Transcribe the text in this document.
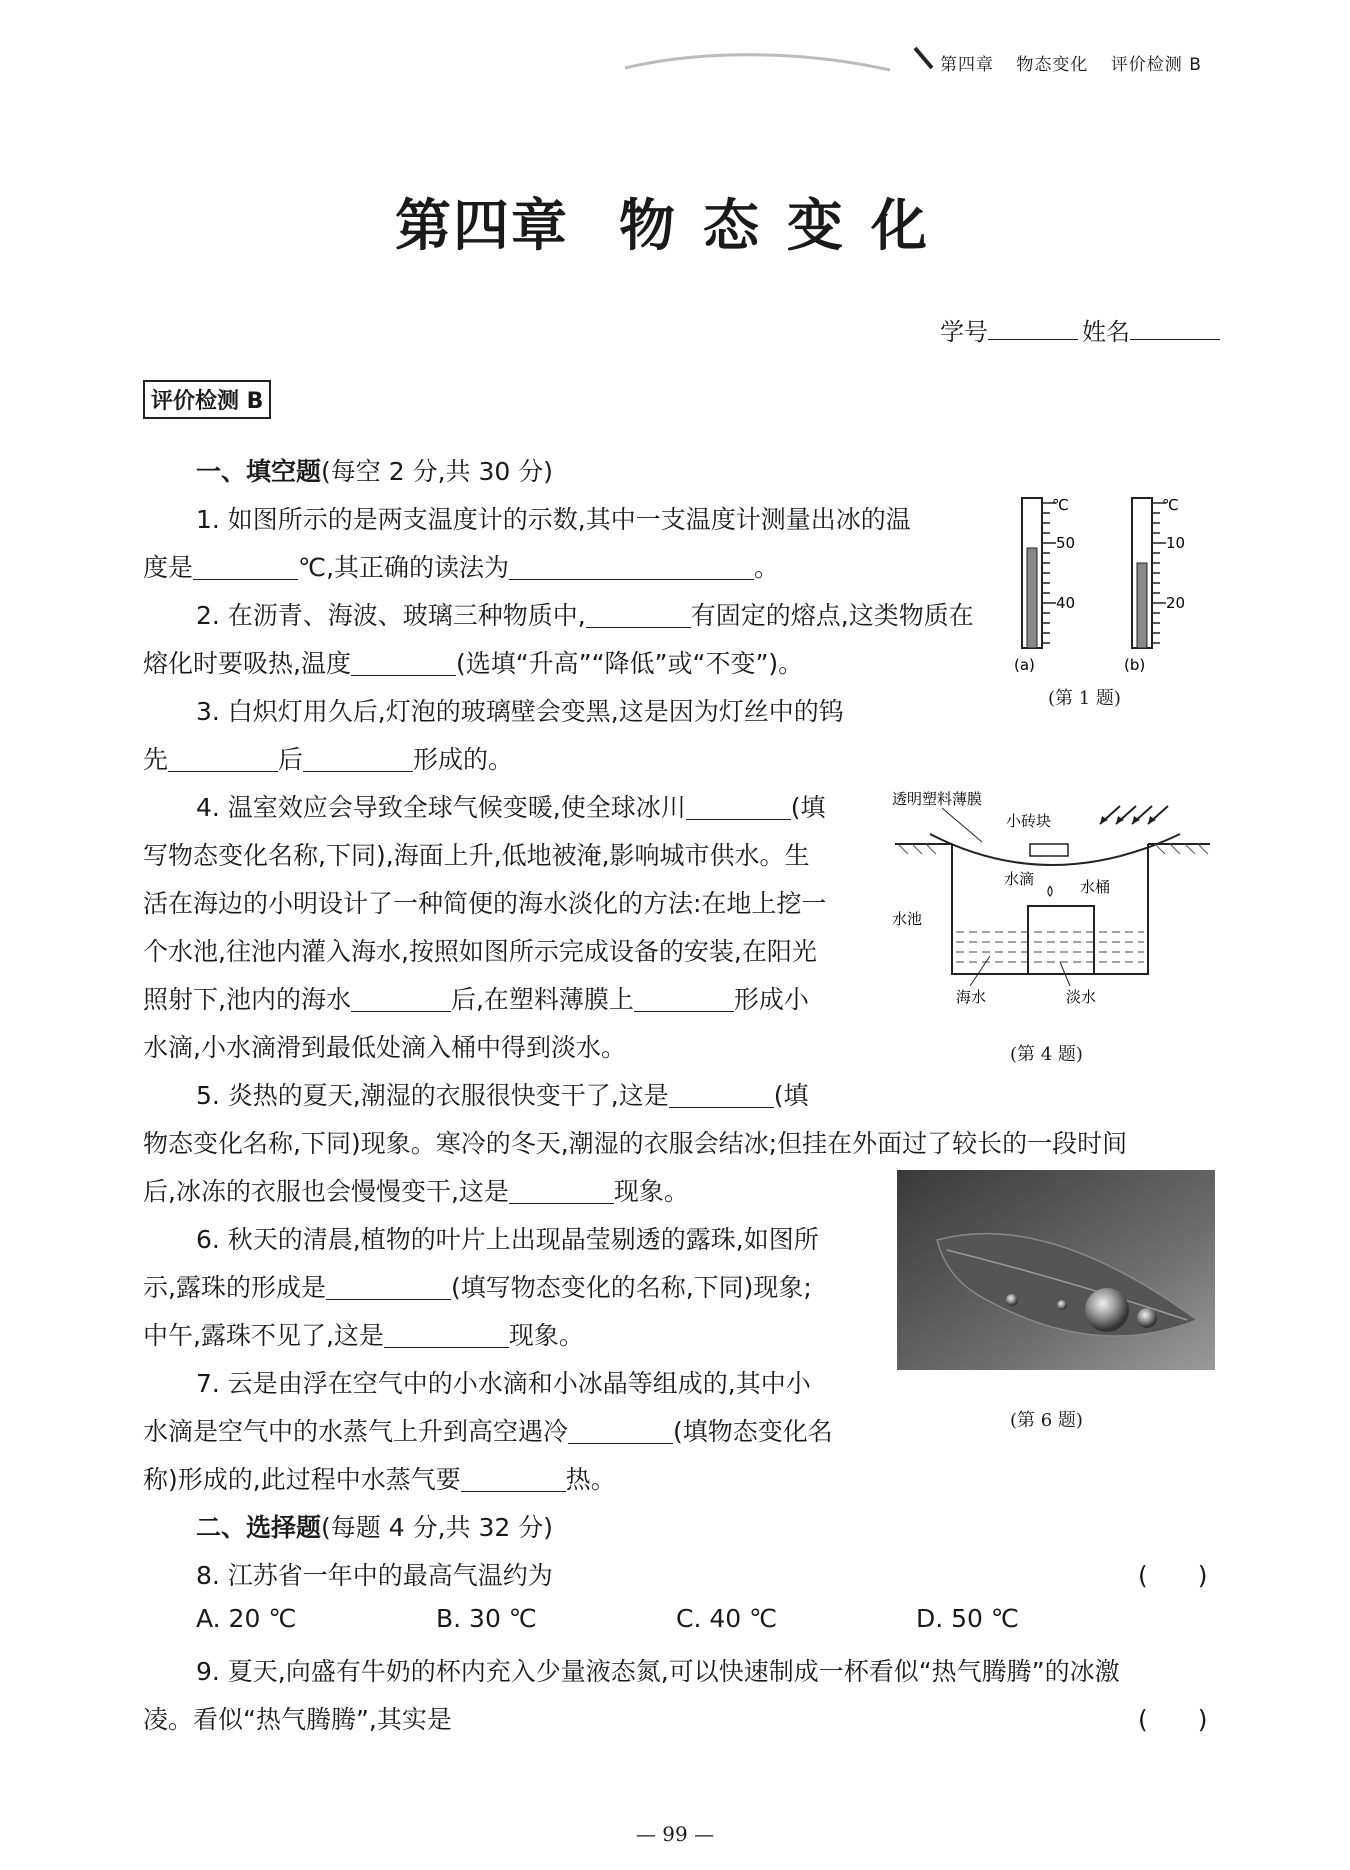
第四章 物态变化 评价检测 B
第四章 物态变化
学号	姓名
评价检测 B
一、填空题(每空 2 分,共 30 分)
1. 如图所示的是两支温度计的示数,其中一支温度计测量出冰的温
度是	℃,其正确的读法为	。
2. 在沥青、海波、玻璃三种物质中,	有固定的熔点,这类物质在
熔化时要吸热,温度	(选填“升高”“降低”或“不变”)。
3. 白炽灯用久后,灯泡的玻璃壁会变黑,这是因为灯丝中的钨
先	后	形成的。
4. 温室效应会导致全球气候变暖,使全球冰川	(填
写物态变化名称,下同),海面上升,低地被淹,影响城市供水。生
活在海边的小明设计了一种简便的海水淡化的方法:在地上挖一
个水池,往池内灌入海水,按照如图所示完成设备的安装,在阳光
照射下,池内的海水	后,在塑料薄膜上	形成小
水滴,小水滴滑到最低处滴入桶中得到淡水。
5. 炎热的夏天,潮湿的衣服很快变干了,这是	(填
物态变化名称,下同)现象。寒冷的冬天,潮湿的衣服会结冰;但挂在外面过了较长的一段时间
后,冰冻的衣服也会慢慢变干,这是	现象。
6. 秋天的清晨,植物的叶片上出现晶莹剔透的露珠,如图所
示,露珠的形成是	(填写物态变化的名称,下同)现象;
中午,露珠不见了,这是	现象。
7. 云是由浮在空气中的小水滴和小冰晶等组成的,其中小
水滴是空气中的水蒸气上升到高空遇冷	(填物态变化名
称)形成的,此过程中水蒸气要	热。
二、选择题(每题 4 分,共 32 分)
8. 江苏省一年中的最高气温约为	(　　)
A. 20 ℃	B. 30 ℃	C. 40 ℃	D. 50 ℃
9. 夏天,向盛有牛奶的杯内充入少量液态氮,可以快速制成一杯看似“热气腾腾”的冰激
凌。看似“热气腾腾”,其实是	(　　)
℃
50
40
(a)
℃
10
20
(b)
(第 1 题)
透明塑料薄膜
小砖块
水滴	水桶
水池
海水	淡水
(第 4 题)
(第 6 题)
— 99 —
